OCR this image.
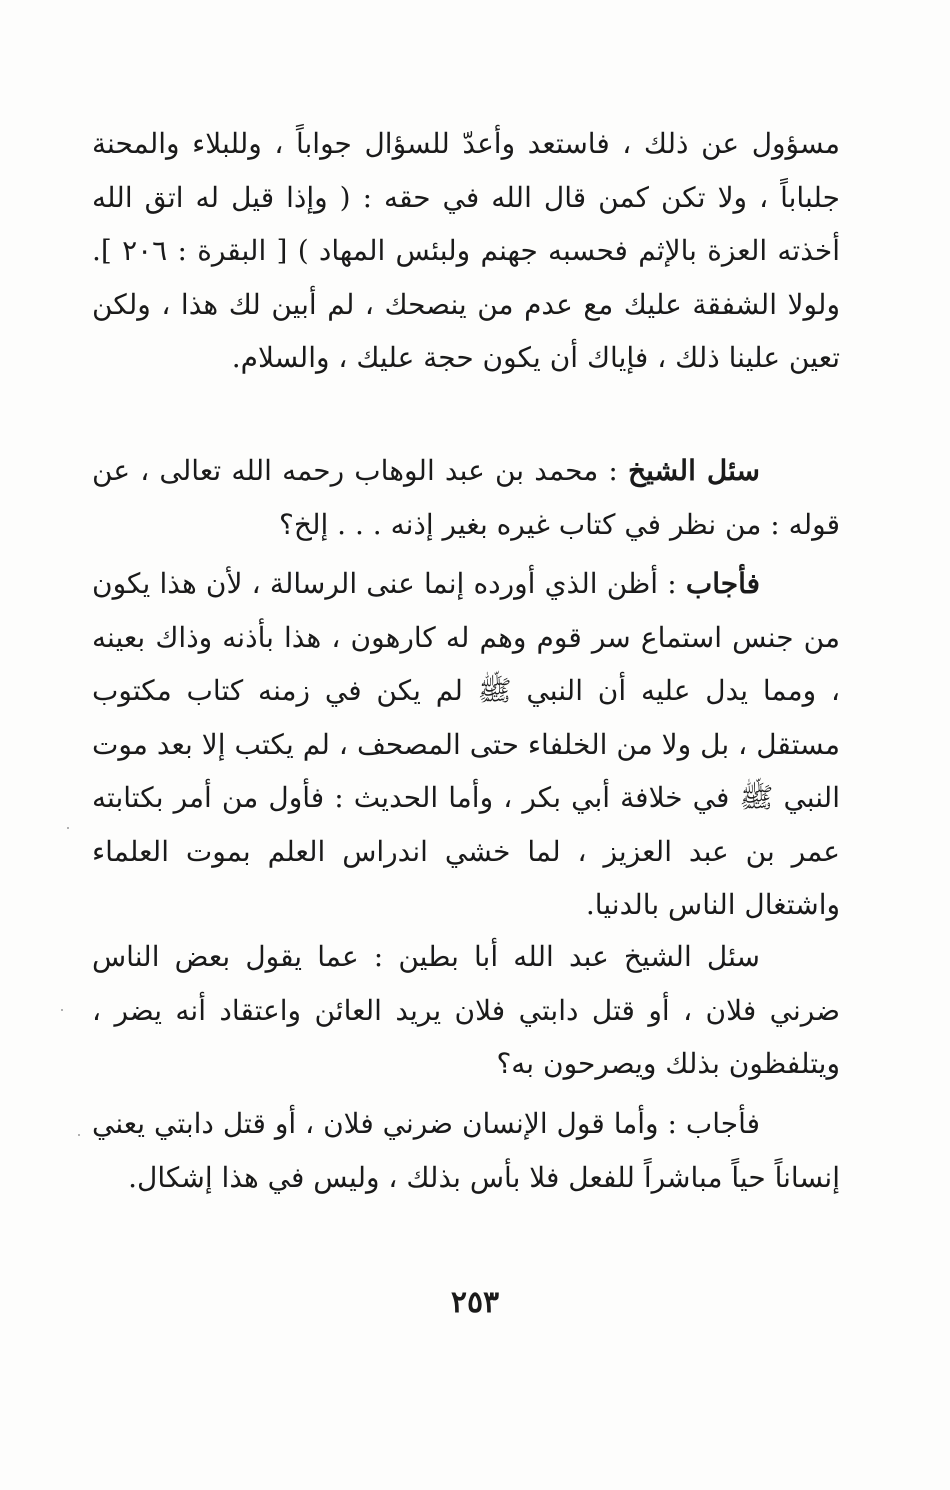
مسؤول عن ذلك ، فاستعد وأعدّ للسؤال جواباً ، وللبلاء والمحنة جلباباً ، ولا تكن كمن قال الله في حقه : ( وإذا قيل له اتق الله أخذته العزة بالإثم فحسبه جهنم ولبئس المهاد ) [ البقرة : ٢٠٦ ]. ولولا الشفقة عليك مع عدم من ينصحك ، لم أبين لك هذا ، ولكن تعين علينا ذلك ، فإياك أن يكون حجة عليك ، والسلام.

سئل الشيخ : محمد بن عبد الوهاب رحمه الله تعالى ، عن قوله : من نظر في كتاب غيره بغير إذنه . . . إلخ؟

فأجاب : أظن الذي أورده إنما عنى الرسالة ، لأن هذا يكون من جنس استماع سر قوم وهم له كارهون ، هذا بأذنه وذاك بعينه ، ومما يدل عليه أن النبي ﷺ لم يكن في زمنه كتاب مكتوب مستقل ، بل ولا من الخلفاء حتى المصحف ، لم يكتب إلا بعد موت النبي ﷺ في خلافة أبي بكر ، وأما الحديث : فأول من أمر بكتابته عمر بن عبد العزيز ، لما خشي اندراس العلم بموت العلماء واشتغال الناس بالدنيا.

سئل الشيخ عبد الله أبا بطين : عما يقول بعض الناس ضرني فلان ، أو قتل دابتي فلان يريد العائن واعتقاد أنه يضر ، ويتلفظون بذلك ويصرحون به؟

فأجاب : وأما قول الإنسان ضرني فلان ، أو قتل دابتي يعني إنساناً حياً مباشراً للفعل فلا بأس بذلك ، وليس في هذا إشكال.

٢٥٣
